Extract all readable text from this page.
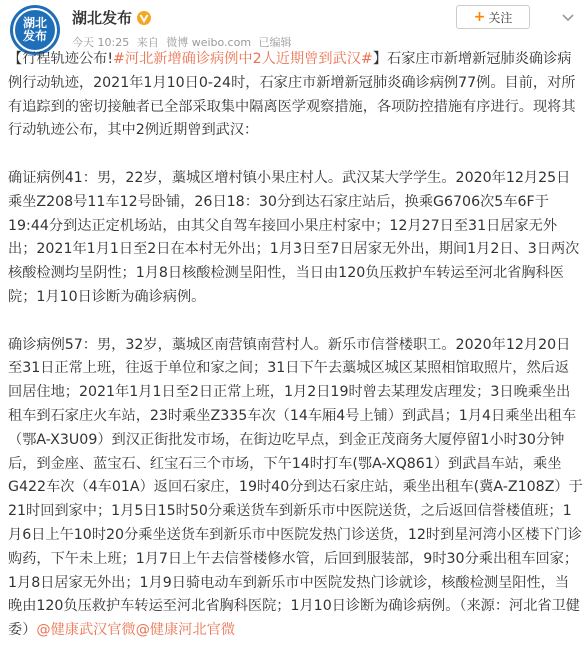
湖北发布
湖北发布
今天 10:25 来自 微博 weibo.com 已编辑
+ 关注

【行程轨迹公布!#河北新增确诊病例中2人近期曾到武汉#】石家庄市新增新冠肺炎确诊病例行动轨迹，2021年1月10日0-24时，石家庄市新增新冠肺炎确诊病例77例。目前，对所有追踪到的密切接触者已全部采取集中隔离医学观察措施，各项防控措施有序进行。现将其行动轨迹公布，其中2例近期曾到武汉：

确证病例41：男，22岁，藁城区增村镇小果庄村人。武汉某大学学生。2020年12月25日乘坐Z208号11车12号卧铺，26日18：30分到达石家庄站后，换乘G6706次5车6F于19:44分到达正定机场站，由其父自驾车接回小果庄村家中；12月27日至31日居家无外出；2021年1月1日至2日在本村无外出；1月3日至7日居家无外出，期间1月2日、3日两次核酸检测均呈阴性；1月8日核酸检测呈阳性，当日由120负压救护车转运至河北省胸科医院；1月10日诊断为确诊病例。

确诊病例57：男，32岁，藁城区南营镇南营村人。新乐市信誉楼职工。2020年12月20日至31日正常上班，往返于单位和家之间；31日下午去藁城区城区某照相馆取照片，然后返回居住地；2021年1月1日至2日正常上班，1月2日19时曾去某理发店理发；3日晚乘坐出租车到石家庄火车站，23时乘坐Z335车次（14车厢4号上铺）到武昌；1月4日乘坐出租车（鄂A-X3U09）到汉正街批发市场，在街边吃早点，到金正茂商务大厦停留1小时30分钟后，到金座、蓝宝石、红宝石三个市场，下午14时打车(鄂A-XQ861）到武昌车站，乘坐G422车次（4车01A）返回石家庄，19时40分到达石家庄站，乘坐出租车(冀A-Z108Z）于21时回到家中；1月5日15时50分乘送货车到新乐市中医院送货，之后返回信誉楼值班；1月6日上午10时20分乘坐送货车到新乐市中医院发热门诊送货，12时到星河湾小区楼下门诊购药，下午未上班；1月7日上午去信誉楼修水管，后回到服装部，9时30分乘出租车回家；1月8日居家无外出；1月9日骑电动车到新乐市中医院发热门诊就诊，核酸检测呈阳性，当晚由120负压救护车转运至河北省胸科医院；1月10日诊断为确诊病例。（来源：河北省卫健委）@健康武汉官微@健康河北官微
